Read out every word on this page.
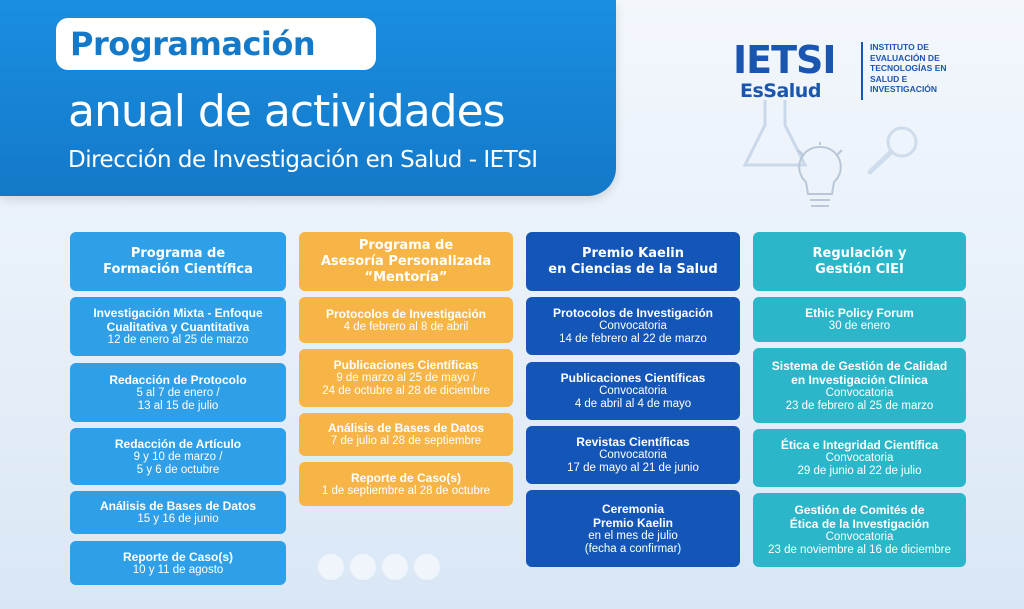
Programación
anual de actividades
Dirección de Investigación en Salud - IETSI
IETSI
EsSalud
INSTITUTO DE
EVALUACIÓN DE
TECNOLOGÍAS EN
SALUD E
INVESTIGACIÓN
Programa de
Formación Científica
Investigación Mixta - Enfoque
Cualitativa y Cuantitativa
12 de enero al 25 de marzo
Redacción de Protocolo
5 al 7 de enero /
13 al 15 de julio
Redacción de Artículo
9 y 10 de marzo /
5 y 6 de octubre
Análisis de Bases de Datos
15 y 16 de junio
Reporte de Caso(s)
10 y 11 de agosto
Programa de
Asesoría Personalizada
“Mentoría”
Protocolos de Investigación
4 de febrero al 8 de abril
Publicaciones Científicas
9 de marzo al 25 de mayo /
24 de octubre al 28 de diciembre
Análisis de Bases de Datos
7 de julio al 28 de septiembre
Reporte de Caso(s)
1 de septiembre al 28 de octubre
Premio Kaelin
en Ciencias de la Salud
Protocolos de Investigación
Convocatoria
14 de febrero al 22 de marzo
Publicaciones Científicas
Convocatoria
4 de abril al 4 de mayo
Revistas Científicas
Convocatoria
17 de mayo al 21 de junio
Ceremonia
Premio Kaelin
en el mes de julio
(fecha a confirmar)
Regulación y
Gestión CIEI
Ethic Policy Forum
30 de enero
Sistema de Gestión de Calidad
en Investigación Clínica
Convocatoria
23 de febrero al 25 de marzo
Ética e Integridad Científica
Convocatoria
29 de junio al 22 de julio
Gestión de Comités de
Ética de la Investigación
Convocatoria
23 de noviembre al 16 de diciembre
